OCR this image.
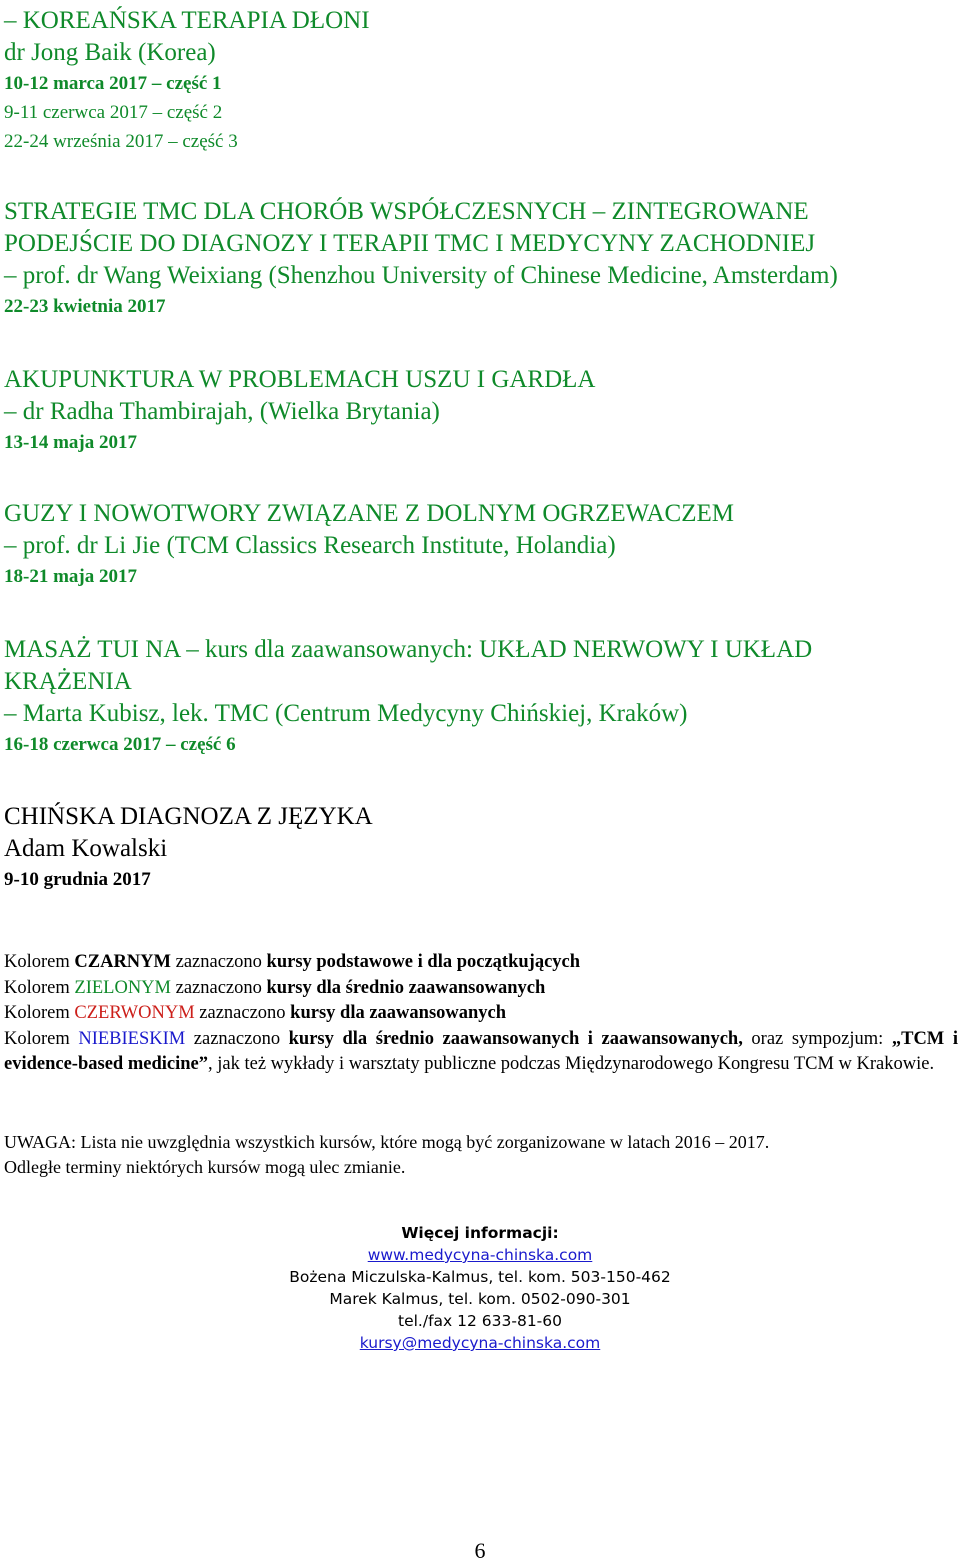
– KOREAŃSKA TERAPIA DŁONI
dr Jong Baik (Korea)
10-12 marca 2017 – część 1
9-11 czerwca 2017 – część 2
22-24 września 2017 – część 3
STRATEGIE TMC DLA CHORÓB WSPÓŁCZESNYCH – ZINTEGROWANE
PODEJŚCIE DO DIAGNOZY I TERAPII TMC I MEDYCYNY ZACHODNIEJ
– prof. dr Wang Weixiang (Shenzhou University of Chinese Medicine, Amsterdam)
22-23 kwietnia 2017
AKUPUNKTURA W PROBLEMACH USZU I GARDŁA
– dr Radha Thambirajah, (Wielka Brytania)
13-14 maja 2017
GUZY I NOWOTWORY ZWIĄZANE Z DOLNYM OGRZEWACZEM
– prof. dr Li Jie (TCM Classics Research Institute, Holandia)
18-21 maja 2017
MASAŻ TUI NA – kurs dla zaawansowanych: UKŁAD NERWOWY I UKŁAD
KRĄŻENIA
– Marta Kubisz, lek. TMC (Centrum Medycyny Chińskiej, Kraków)
16-18 czerwca 2017 – część 6
CHIŃSKA DIAGNOZA Z JĘZYKA
Adam Kowalski
9-10 grudnia 2017

Kolorem CZARNYM zaznaczono kursy podstawowe i dla początkujących

Kolorem ZIELONYM zaznaczono kursy dla średnio zaawansowanych

Kolorem CZERWONYM zaznaczono kursy dla zaawansowanych

Kolorem NIEBIESKIM zaznaczono kursy dla średnio zaawansowanych i zaawansowanych, oraz sympozjum: „TCM i evidence-based medicine”, jak też wykłady i warsztaty publiczne podczas Międzynarodowego Kongresu TCM w Krakowie.

UWAGA: Lista nie uwzględnia wszystkich kursów, które mogą być zorganizowane w latach 2016 – 2017.

Odległe terminy niektórych kursów mogą ulec zmianie.

Więcej informacji:

www.medycyna-chinska.com

Bożena Miczulska-Kalmus, tel. kom. 503-150-462

Marek Kalmus, tel. kom. 0502-090-301

tel./fax 12 633-81-60

kursy@medycyna-chinska.com

6
